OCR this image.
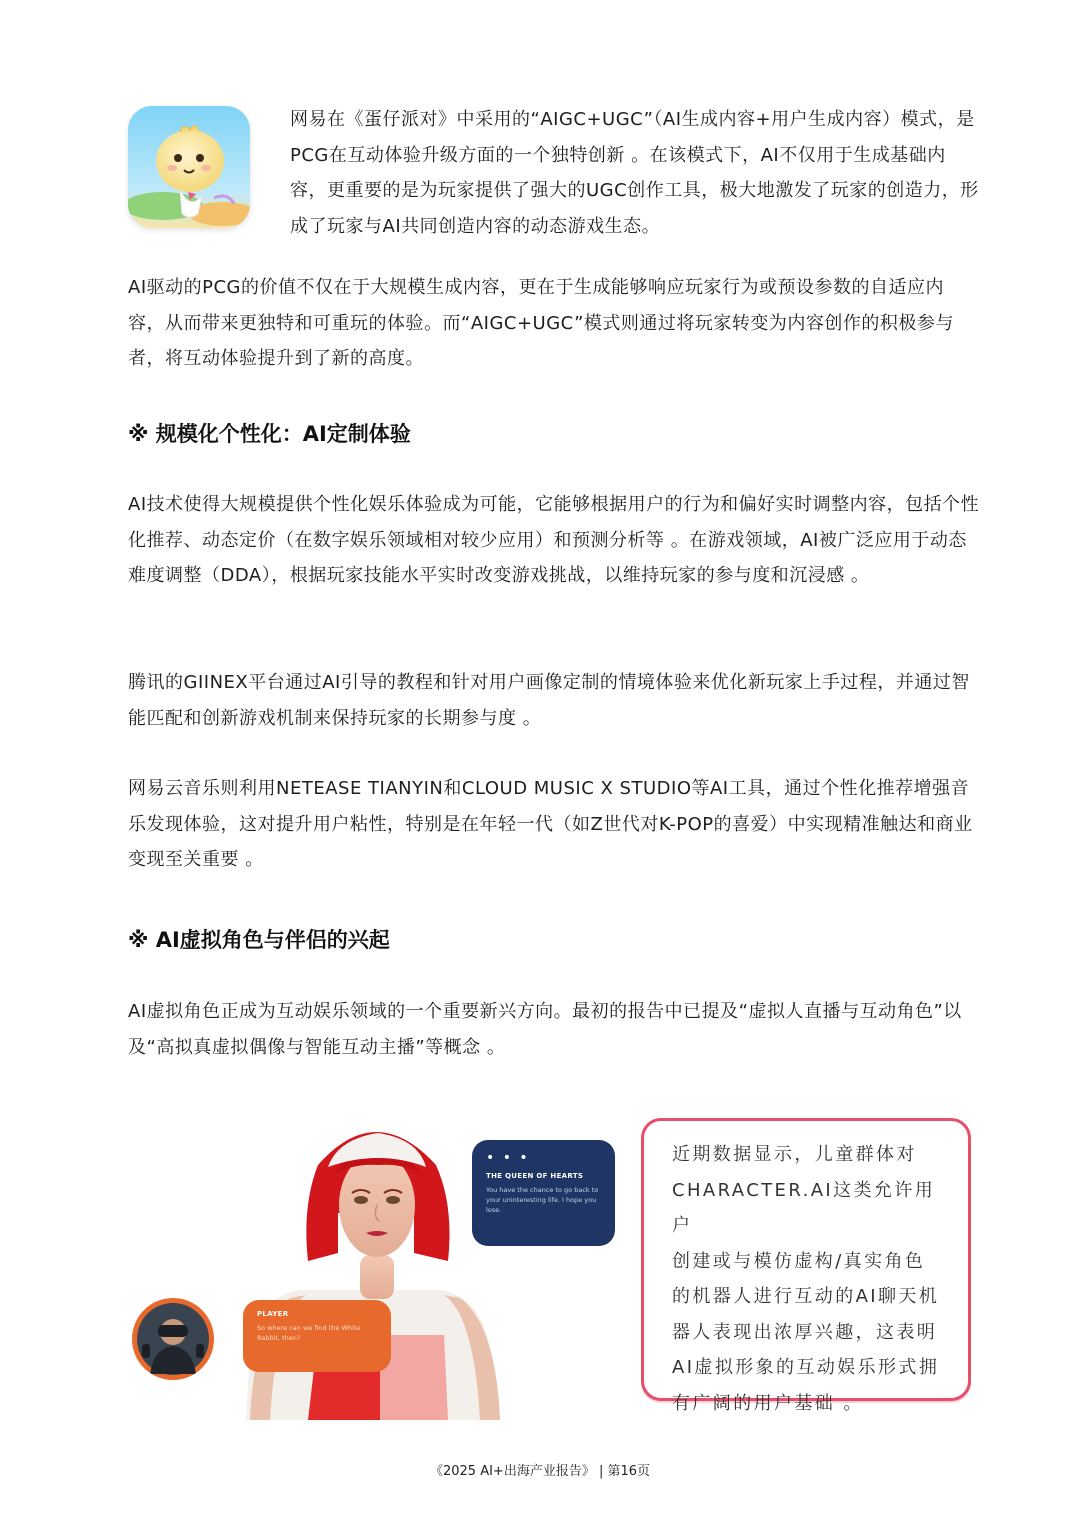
网易在《蛋仔派对》中采用的“AIGC+UGC”（AI生成内容+用户生成内容）模式，是PCG在互动体验升级方面的一个独特创新 。在该模式下，AI不仅用于生成基础内容，更重要的是为玩家提供了强大的UGC创作工具，极大地激发了玩家的创造力，形成了玩家与AI共同创造内容的动态游戏生态。

AI驱动的PCG的价值不仅在于大规模生成内容，更在于生成能够响应玩家行为或预设参数的自适应内容，从而带来更独特和可重玩的体验。而“AIGC+UGC”模式则通过将玩家转变为内容创作的积极参与者，将互动体验提升到了新的高度。

※ 规模化个性化：AI定制体验

AI技术使得大规模提供个性化娱乐体验成为可能，它能够根据用户的行为和偏好实时调整内容，包括个性化推荐、动态定价（在数字娱乐领域相对较少应用）和预测分析等 。在游戏领域，AI被广泛应用于动态难度调整（DDA），根据玩家技能水平实时改变游戏挑战，以维持玩家的参与度和沉浸感 。

腾讯的GIINEX平台通过AI引导的教程和针对用户画像定制的情境体验来优化新玩家上手过程，并通过智能匹配和创新游戏机制来保持玩家的长期参与度 。

网易云音乐则利用NETEASE TIANYIN和CLOUD MUSIC X STUDIO等AI工具，通过个性化推荐增强音乐发现体验，这对提升用户粘性，特别是在年轻一代（如Z世代对K-POP的喜爱）中实现精准触达和商业变现至关重要 。

※ AI虚拟角色与伴侣的兴起

AI虚拟角色正成为互动娱乐领域的一个重要新兴方向。最初的报告中已提及“虚拟人直播与互动角色”以及“高拟真虚拟偶像与智能互动主播”等概念 。

• • •
THE QUEEN OF HEARTS
You have the chance to go back to your uninteresting life. I hope you lose.
PLAYER
So where can we find the White Rabbit, then?

近期数据显示，儿童群体对

CHARACTER.AI这类允许用户

创建或与模仿虚构/真实角色

的机器人进行互动的AI聊天机

器人表现出浓厚兴趣，这表明

AI虚拟形象的互动娱乐形式拥

有广阔的用户基础 。

《2025 AI+出海产业报告》 | 第16页
